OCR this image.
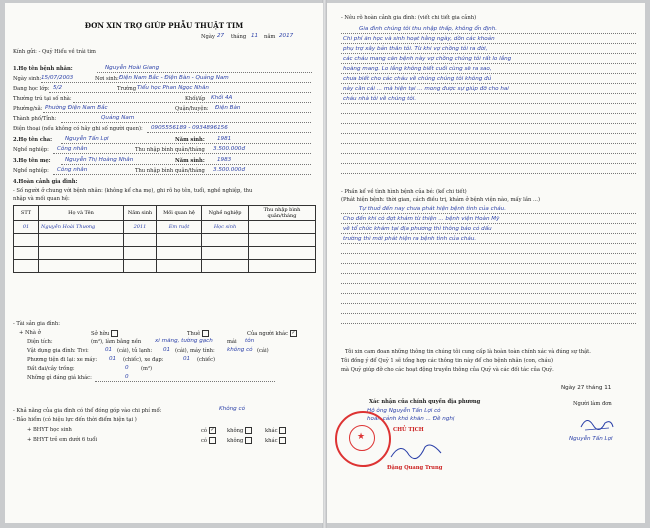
ĐƠN XIN TRỢ GIÚP PHẪU THUẬT TIM
Ngày 27 tháng 11 năm 2017
Kính gửi: - Quỹ Hiểu về trái tim
1.Họ tên bệnh nhân:	Nguyễn Hoài Giang
Ngày sinh: 15/07/2003	Nơi sinh: Điện Nam Bắc - Điện Bàn - Quảng Nam
Đang học lớp: 5/2	Trường Tiểu học Phan Ngọc Nhân
Thường trú tại số nhà:	Khối/ấp Khối 4A
Phường/xã: Phường Điện Nam Bắc	Quận/huyện: Điện Bàn
Thành phố/Tỉnh:	Quảng Nam
Điện thoại (nếu không có hãy ghi số người quen): 0905556189 - 0934896156
2.Họ tên cha: Nguyễn Tấn Lợi	Năm sinh: 1981
Nghề nghiệp: Công nhân	Thu nhập bình quân/tháng 3.500.000đ
3.Họ tên mẹ:	Nguyễn Thị Hoàng Nhân	Năm sinh: 1983
Nghề nghiệp: Công nhân	Thu nhập bình quân/tháng 3.500.000đ
4.Hoàn cảnh gia đình:
- Số người ở chung với bệnh nhân: (không kể cha mẹ), ghi rõ họ tên, tuổi, nghề nghiệp, thu
nhập và mối quan hệ:
STT	Họ và Tên	Năm sinh	Mối quan hệ	Nghề nghiệp	Thu nhập bình quân/tháng
01	Nguyễn Hoài Thương	2011	Em ruột	Học sinh	

- Tài sản gia đình:
+ Nhà ở	Sở hữu	Thuê	Của người khác ✓
Diện tích:	(m²), làm bằng nền xi măng, tường gạch	mái tôn
Vật dụng gia đình: Tivi:	01 (cái), tủ lạnh: 01 (cái), máy tính: không có (cái)
Phương tiện đi lại: xe máy: 01 (chiếc), xe đạp:	01 (chiếc)
Đất đai/cây trồng:	0 (m²)
Những gì đáng giá khác:	0
- Khả năng của gia đình có thể đóng góp vào chi phí mổ:	Không có
- Bảo hiểm (có hiệu lực đến thời điểm hiện tại )
+ BHYT học sinh	có ✓ không	khác
+ BHYT trẻ em dưới 6 tuổi	có	không	khác
- Nêu rõ hoàn cảnh gia đình: (viết chi tiết gia cảnh)
Gia đình chúng tôi thu nhập thấp, không ổn định.
Chi phí ăn học và sinh hoạt hằng ngày, dồn các khoản
phụ trợ xây bản thân tôi. Từ khi vợ chồng tôi ra đời,
các cháu mang căn bệnh này vợ chồng chúng tôi rất lo lắng
hoàng mang. Lo lắng không biết cuối cùng sẽ ra sao,
chưa biết cho các cháu về chúng chúng tôi không đủ
này cần cái ... mà hiện tại ... mong được sự giúp đỡ cho hai
cháu nhà tôi về chúng tôi.
- Phần kể về tình hình bệnh của bé: (kể chi tiết)
(Phát hiện bệnh: thời gian, cách điều trị, khám ở bệnh viện nào, mấy lần ...)
Tự thuở đến nay chưa phát hiện bệnh tình của cháu.
Cho đến khi có đợt khám từ thiện ... bệnh viện Hoàn Mỹ
về tổ chức khám tại địa phương thì thông báo có dấu
trường thì mới phát hiện ra bệnh tình của cháu.
Tôi xin cam đoan những thông tin chúng tôi cung cấp là hoàn toàn chính xác và đúng sự thật.
Tôi đồng ý để Quỹ 1 sẽ tổng hợp các thông tin này để cho bệnh nhân (con, cháu)
mà Quỹ giúp đỡ cho các hoạt động truyền thông của Quỹ và các đối tác của Quỹ.
Ngày 27 tháng 11
Người làm đơn
Nguyễn Tấn Lợi
Xác nhận của chính quyền địa phương
Hộ ông Nguyễn Tấn Lợi có
hoàn cảnh khó khăn ... Đề nghị
★
CHỦ TỊCH
Đặng Quang Trung
